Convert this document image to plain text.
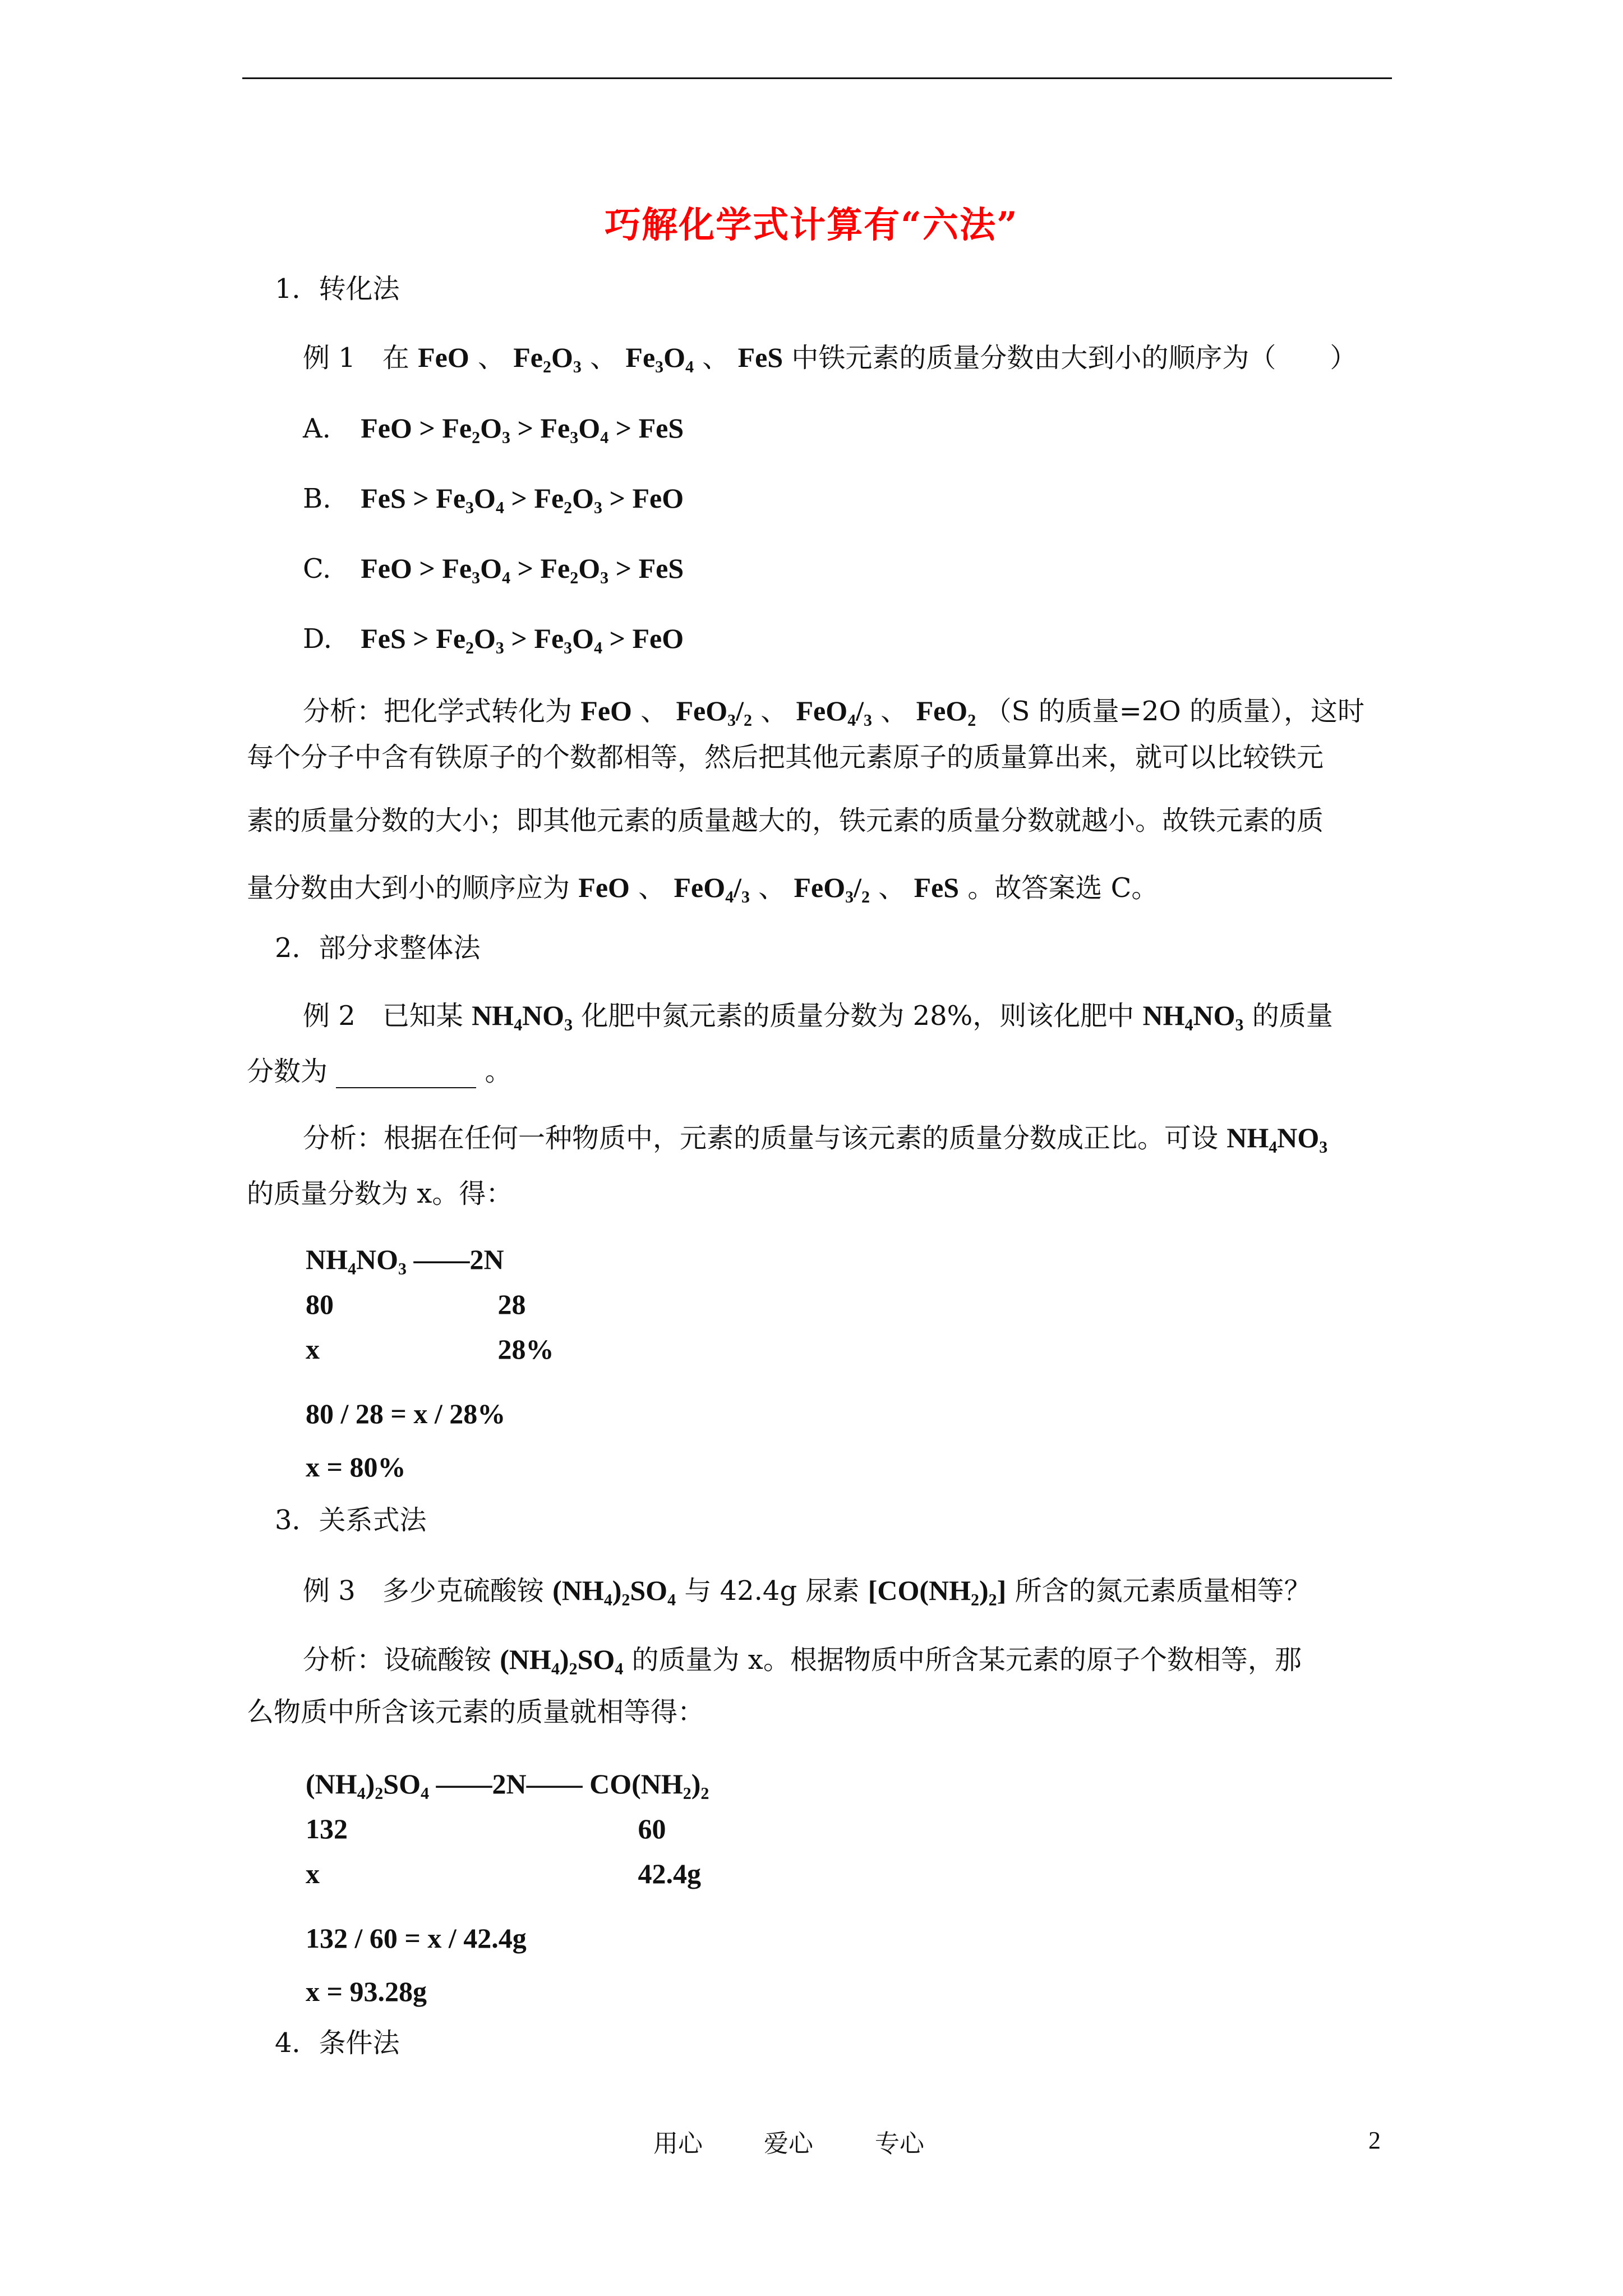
巧解化学式计算有“六法”
1．转化法
例 1　在 FeO 、 Fe₂O₃ 、 Fe₃O₄ 、 FeS 中铁元素的质量分数由大到小的顺序为（　　）
A. FeO > Fe₂O₃ > Fe₃O₄ > FeS
B. FeS > Fe₃O₄ > Fe₂O₃ > FeO
C. FeO > Fe₃O₄ > Fe₂O₃ > FeS
D. FeS > Fe₂O₃ > Fe₃O₄ > FeO
分析：把化学式转化为 FeO 、 FeO₃/₂ 、 FeO₄/₃ 、 FeO₂ （S 的质量=2O 的质量），这时
每个分子中含有铁原子的个数都相等，然后把其他元素原子的质量算出来，就可以比较铁元
素的质量分数的大小；即其他元素的质量越大的，铁元素的质量分数就越小。故铁元素的质
量分数由大到小的顺序应为 FeO 、 FeO₄/₃ 、 FeO₃/₂ 、 FeS 。故答案选 C。
2．部分求整体法
例 2　已知某 NH₄NO₃ 化肥中氮元素的质量分数为 28%，则该化肥中 NH₄NO₃ 的质量
分数为	。
分析：根据在任何一种物质中，元素的质量与该元素的质量分数成正比。可设 NH₄NO₃
的质量分数为 x。得：
NH₄NO₃ ——2N
80	28
x	28%
80 / 28 = x / 28%
x = 80%
3．关系式法
例 3　多少克硫酸铵 (NH₄)₂SO₄ 与 42.4g 尿素 [CO(NH₂)₂] 所含的氮元素质量相等？
分析：设硫酸铵 (NH₄)₂SO₄ 的质量为 x。根据物质中所含某元素的原子个数相等，那
么物质中所含该元素的质量就相等得：
(NH₄)₂SO₄ ——2N—— CO(NH₂)₂
132	60
x	42.4g
132 / 60 = x / 42.4g
x = 93.28g
4．条件法
用心 爱心	专心	2
